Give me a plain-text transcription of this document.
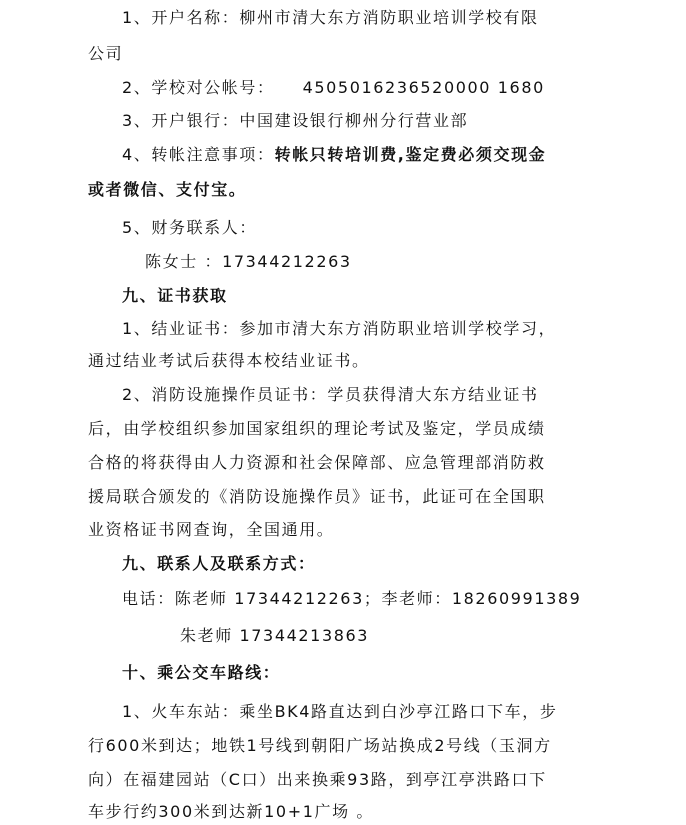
1、开户名称：柳州市清大东方消防职业培训学校有限
公司
2、学校对公帐号： 4505016236520000 1680
3、开户银行：中国建设银行柳州分行营业部
4、转帐注意事项：转帐只转培训费,鉴定费必须交现金
或者微信、支付宝。
5、财务联系人：
陈女士 ：17344212263
九、证书获取
1、结业证书：参加市清大东方消防职业培训学校学习，
通过结业考试后获得本校结业证书。
2、消防设施操作员证书：学员获得清大东方结业证书
后，由学校组织参加国家组织的理论考试及鉴定，学员成绩
合格的将获得由人力资源和社会保障部、应急管理部消防救
援局联合颁发的《消防设施操作员》证书，此证可在全国职
业资格证书网查询，全国通用。
九、联系人及联系方式：
电话：陈老师 17344212263；李老师：18260991389
朱老师 17344213863
十、乘公交车路线：
1、火车东站：乘坐BK4路直达到白沙亭江路口下车，步
行600米到达；地铁1号线到朝阳广场站换成2号线（玉洞方
向）在福建园站（C口）出来换乘93路，到亭江亭洪路口下
车步行约300米到达新10+1广场 。
